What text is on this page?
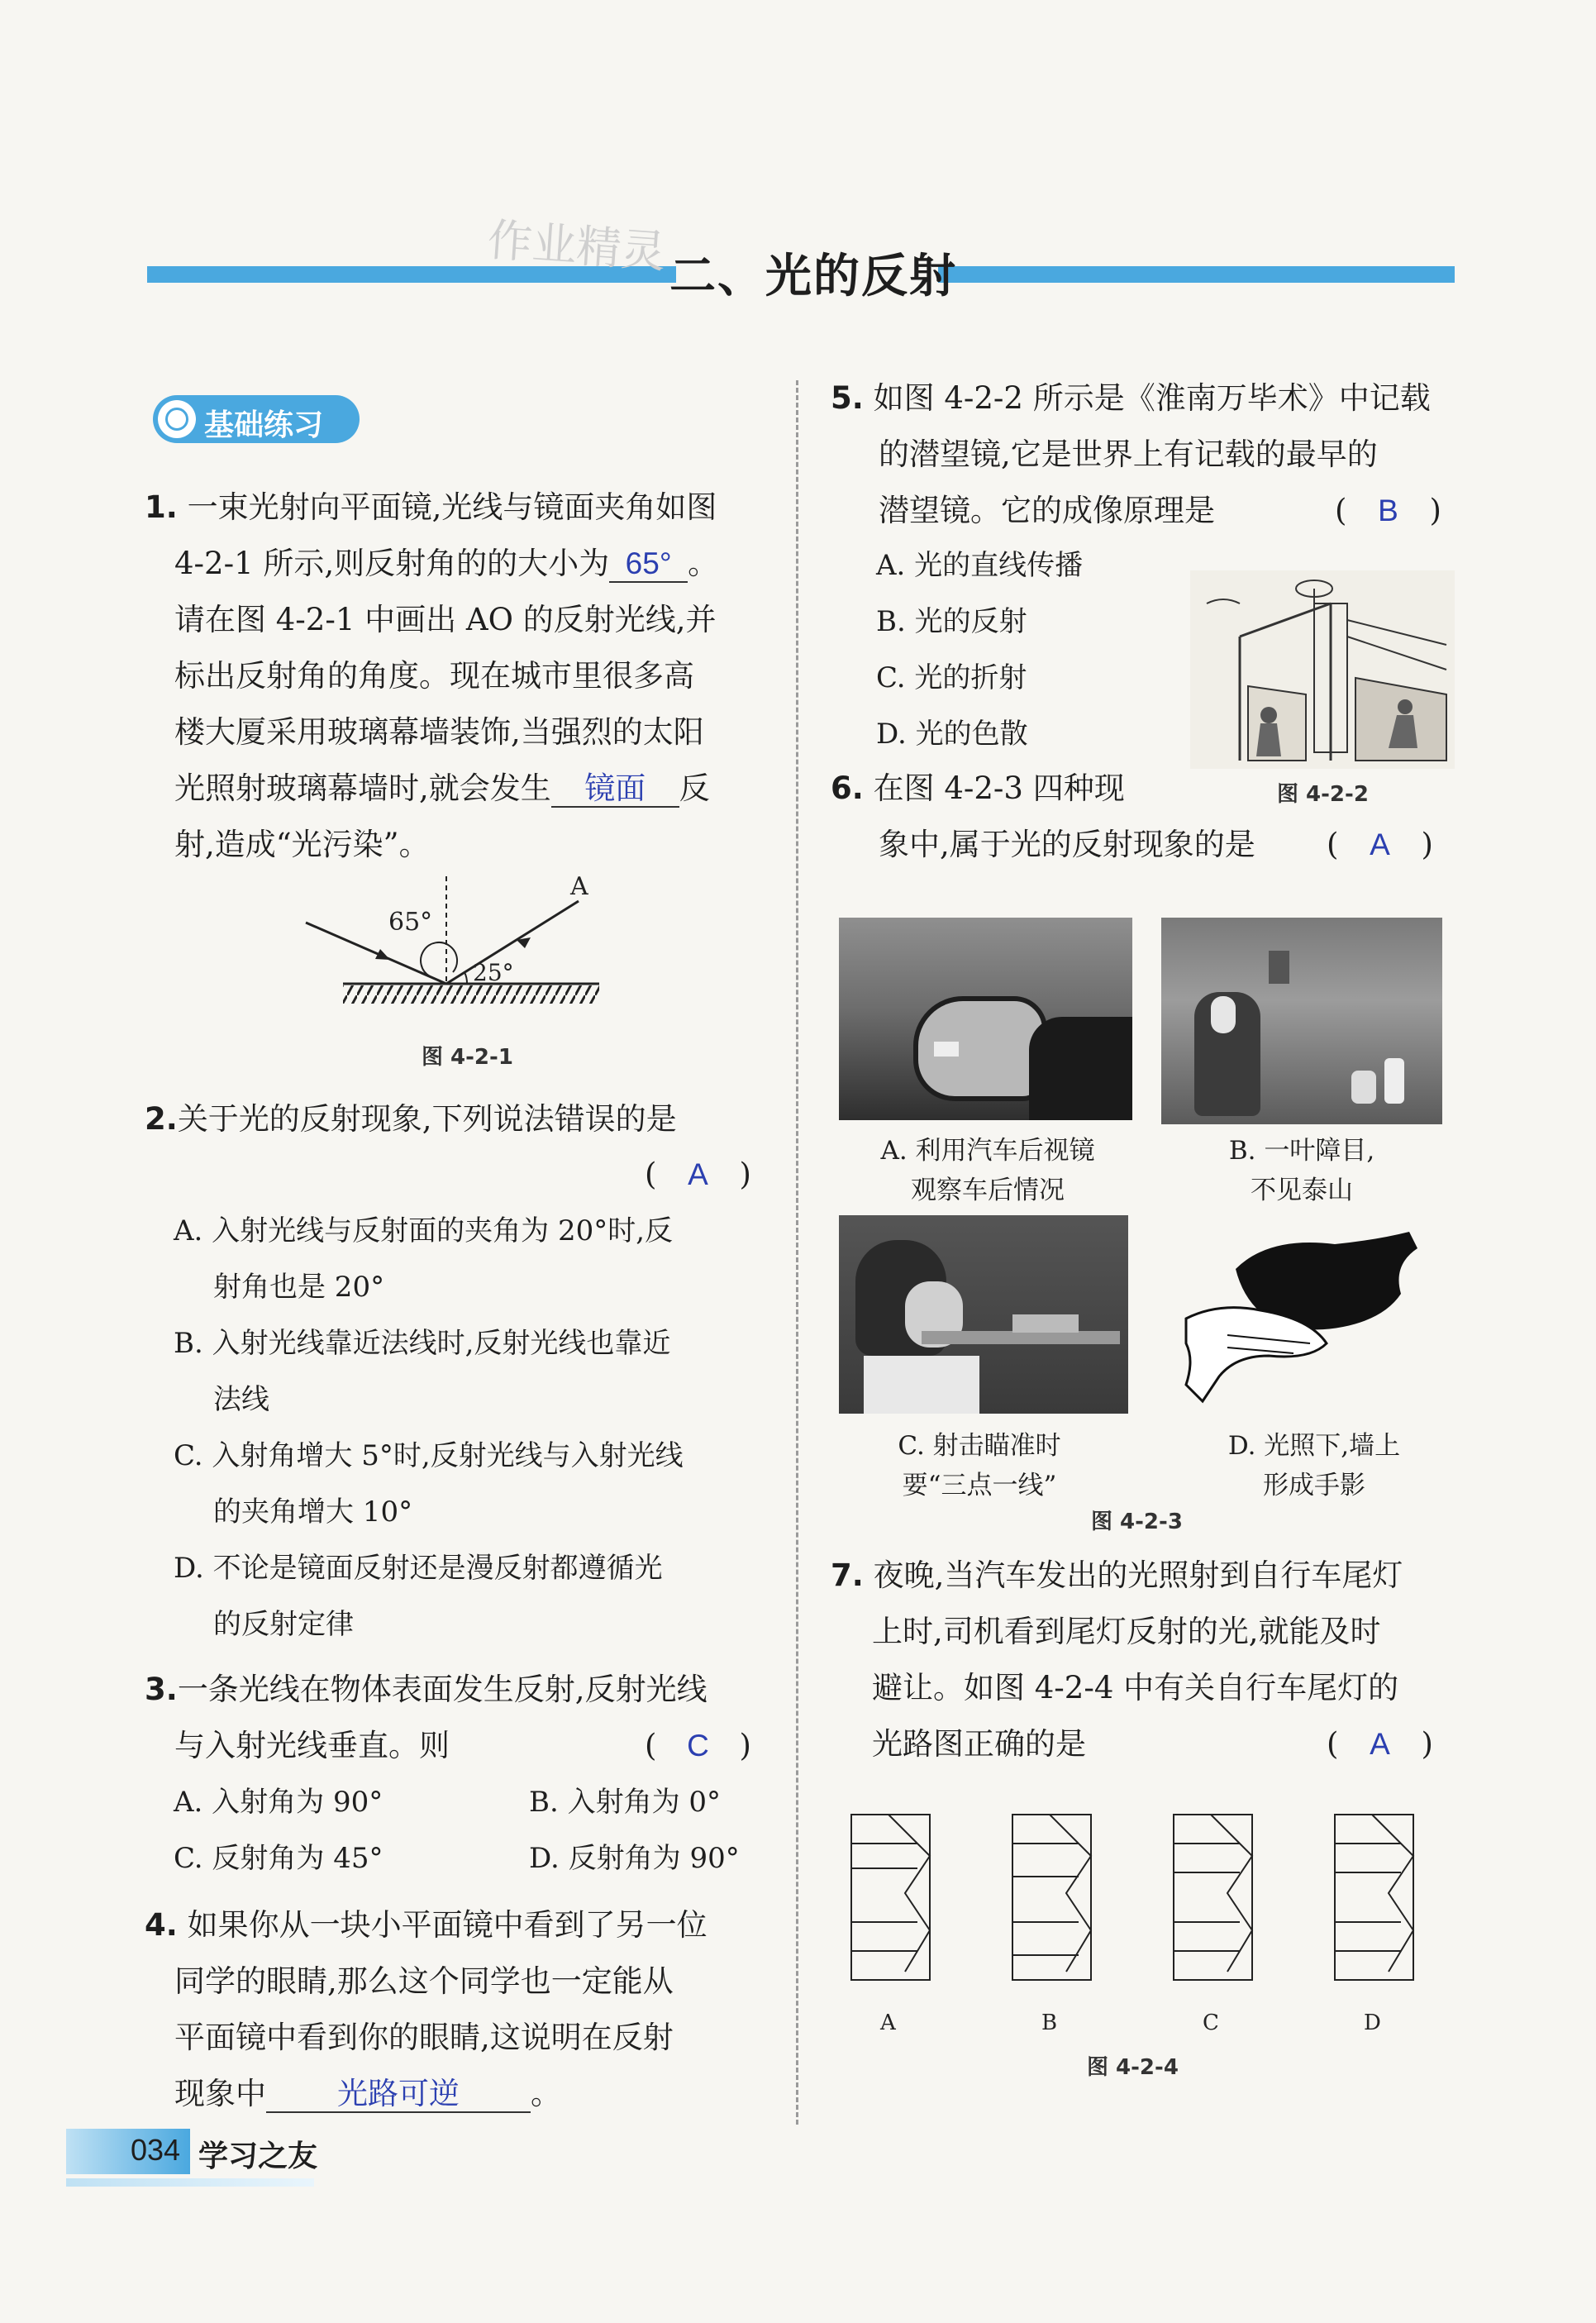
作业精灵 二、光的反射
基础练习
1. 一束光射向平面镜,光线与镜面夹角如图
4-2-1 所示,则反射角的的大小为 65° 。
请在图 4-2-1 中画出 AO 的反射光线,并
标出反射角的角度。现在城市里很多高
楼大厦采用玻璃幕墙装饰,当强烈的太阳
光照射玻璃幕墙时,就会发生 镜面 反
射,造成“光污染”。
65°
25°
A
图 4-2-1
2.关于光的反射现象,下列说法错误的是
( A )
A. 入射光线与反射面的夹角为 20°时,反
射角也是 20°
B. 入射光线靠近法线时,反射光线也靠近
法线
C. 入射角增大 5°时,反射光线与入射光线
的夹角增大 10°
D. 不论是镜面反射还是漫反射都遵循光
的反射定律
3.一条光线在物体表面发生反射,反射光线
与入射光线垂直。则	( C )
A. 入射角为 90°	B. 入射角为 0°
C. 反射角为 45°	D. 反射角为 90°
4. 如果你从一块小平面镜中看到了另一位
同学的眼睛,那么这个同学也一定能从
平面镜中看到你的眼睛,这说明在反射
现象中 光路可逆 。
5. 如图 4-2-2 所示是《淮南万毕术》中记载
的潜望镜,它是世界上有记载的最早的
潜望镜。它的成像原理是	( B )
A. 光的直线传播
B. 光的反射
C. 光的折射
D. 光的色散
图 4-2-2
6. 在图 4-2-3 四种现
象中,属于光的反射现象的是	( A )
A. 利用汽车后视镜
观察车后情况
B. 一叶障目,
不见泰山
C. 射击瞄准时
要“三点一线”
D. 光照下,墙上
形成手影
图 4-2-3
7. 夜晚,当汽车发出的光照射到自行车尾灯
上时,司机看到尾灯反射的光,就能及时
避让。如图 4-2-4 中有关自行车尾灯的
光路图正确的是	( A )
A	B	C	D
图 4-2-4
034 学习之友
